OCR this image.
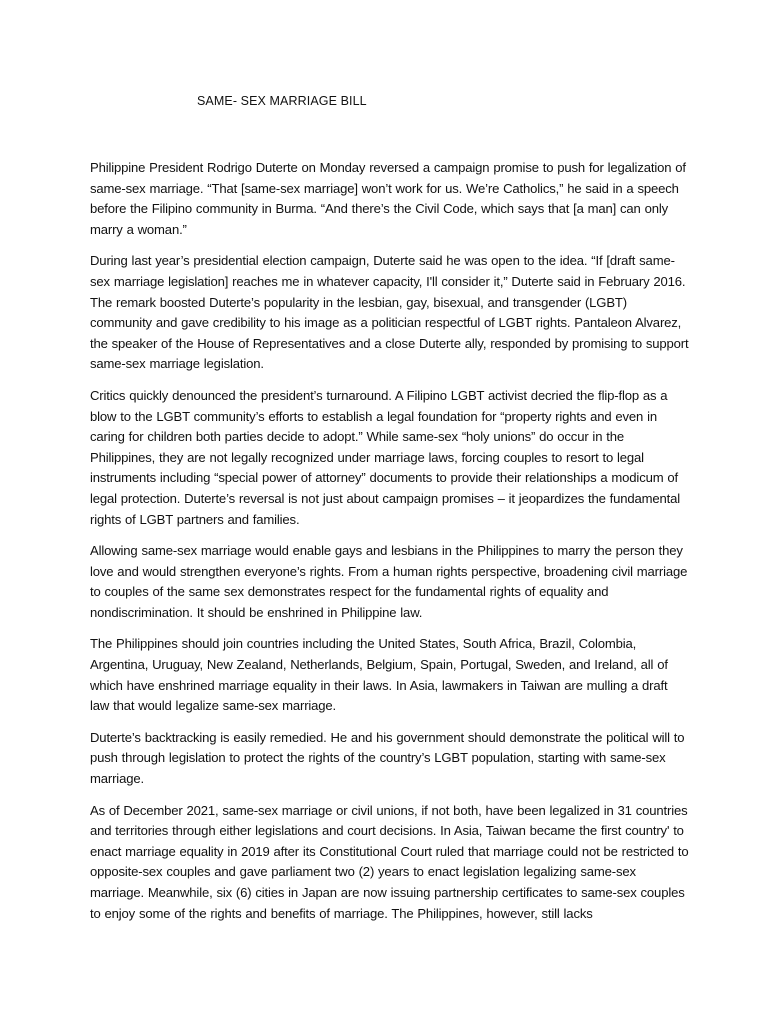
SAME- SEX MARRIAGE BILL

Philippine President Rodrigo Duterte on Monday reversed a campaign promise to push for legalization of same-sex marriage. “That [same-sex marriage] won’t work for us. We’re Catholics,” he said in a speech before the Filipino community in Burma. “And there’s the Civil Code, which says that [a man] can only marry a woman.”

During last year’s presidential election campaign, Duterte said he was open to the idea. “If [draft same-sex marriage legislation] reaches me in whatever capacity, I'll consider it,” Duterte said in February 2016. The remark boosted Duterte’s popularity in the lesbian, gay, bisexual, and transgender (LGBT) community and gave credibility to his image as a politician respectful of LGBT rights. Pantaleon Alvarez, the speaker of the House of Representatives and a close Duterte ally, responded by promising to support same-sex marriage legislation.

Critics quickly denounced the president’s turnaround. A Filipino LGBT activist decried the flip-flop as a blow to the LGBT community’s efforts to establish a legal foundation for “property rights and even in caring for children both parties decide to adopt.” While same-sex “holy unions” do occur in the Philippines, they are not legally recognized under marriage laws, forcing couples to resort to legal instruments including “special power of attorney” documents to provide their relationships a modicum of legal protection. Duterte’s reversal is not just about campaign promises – it jeopardizes the fundamental rights of LGBT partners and families.

Allowing same-sex marriage would enable gays and lesbians in the Philippines to marry the person they love and would strengthen everyone’s rights. From a human rights perspective, broadening civil marriage to couples of the same sex demonstrates respect for the fundamental rights of equality and nondiscrimination. It should be enshrined in Philippine law.

The Philippines should join countries including the United States, South Africa, Brazil, Colombia, Argentina, Uruguay, New Zealand, Netherlands, Belgium, Spain, Portugal, Sweden, and Ireland, all of which have enshrined marriage equality in their laws. In Asia, lawmakers in Taiwan are mulling a draft law that would legalize same-sex marriage.

Duterte’s backtracking is easily remedied. He and his government should demonstrate the political will to push through legislation to protect the rights of the country’s LGBT population, starting with same-sex marriage.

As of December 2021, same-sex marriage or civil unions, if not both, have been legalized in 31 countries and territories through either legislations and court decisions. In Asia, Taiwan became the first country' to enact marriage equality in 2019 after its Constitutional Court ruled that marriage could not be restricted to opposite-sex couples and gave parliament two (2) years to enact legislation legalizing same-sex marriage. Meanwhile, six (6) cities in Japan are now issuing partnership certificates to same-sex couples to enjoy some of the rights and benefits of marriage. The Philippines, however, still lacks
